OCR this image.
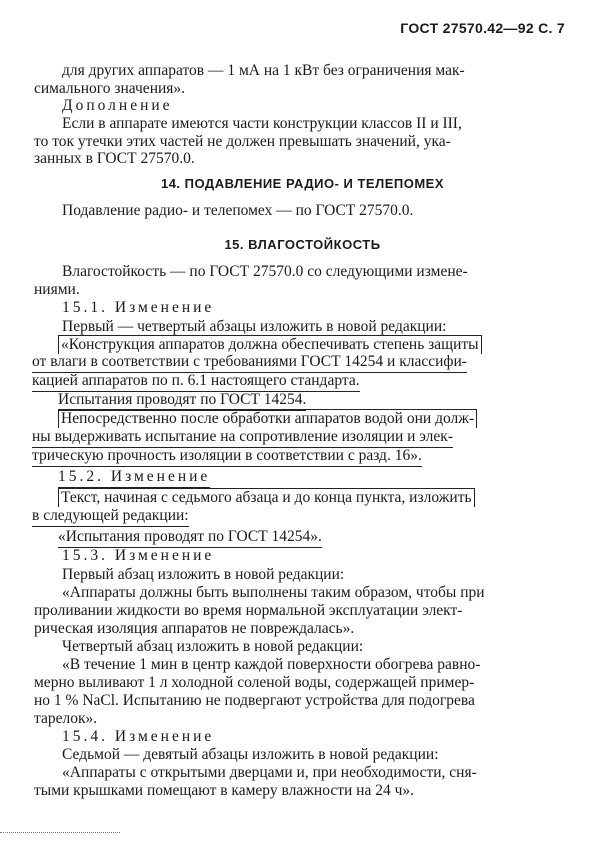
ГОСТ 27570.42—92 С. 7
для других аппаратов — 1 мА на 1 кВт без ограничения мак-
симального значения».
Дополнение
Если в аппарате имеются части конструкции классов II и III,
то ток утечки этих частей не должен превышать значений, ука-
занных в ГОСТ 27570.0.
14. ПОДАВЛЕНИЕ РАДИО- И ТЕЛЕПОМЕХ
Подавление радио- и телепомех — по ГОСТ 27570.0.
15. ВЛАГОСТОЙКОСТЬ
Влагостойкость — по ГОСТ 27570.0 со следующими измене-
ниями.
15.1. Изменение
Первый — четвертый абзацы изложить в новой редакции:
«Конструкция аппаратов должна обеспечивать степень защиты
от влаги в соответствии с требованиями ГОСТ 14254 и классифи-
кацией аппаратов по п. 6.1 настоящего стандарта.
Испытания проводят по ГОСТ 14254.
Непосредственно после обработки аппаратов водой они долж-
ны выдерживать испытание на сопротивление изоляции и элек-
трическую прочность изоляции в соответствии с разд. 16».
15.2. Изменение
Текст, начиная с седьмого абзаца и до конца пункта, изложить
в следующей редакции:
«Испытания проводят по ГОСТ 14254».
15.3. Изменение
Первый абзац изложить в новой редакции:
«Аппараты должны быть выполнены таким образом, чтобы при
проливании жидкости во время нормальной эксплуатации элект-
рическая изоляция аппаратов не повреждалась».
Четвертый абзац изложить в новой редакции:
«В течение 1 мин в центр каждой поверхности обогрева равно-
мерно выливают 1 л холодной соленой воды, содержащей пример-
но 1 % NaCl. Испытанию не подвергают устройства для подогрева
тарелок».
15.4. Изменение
Седьмой — девятый абзацы изложить в новой редакции:
«Аппараты с открытыми дверцами и, при необходимости, сня-
тыми крышками помещают в камеру влажности на 24 ч».
